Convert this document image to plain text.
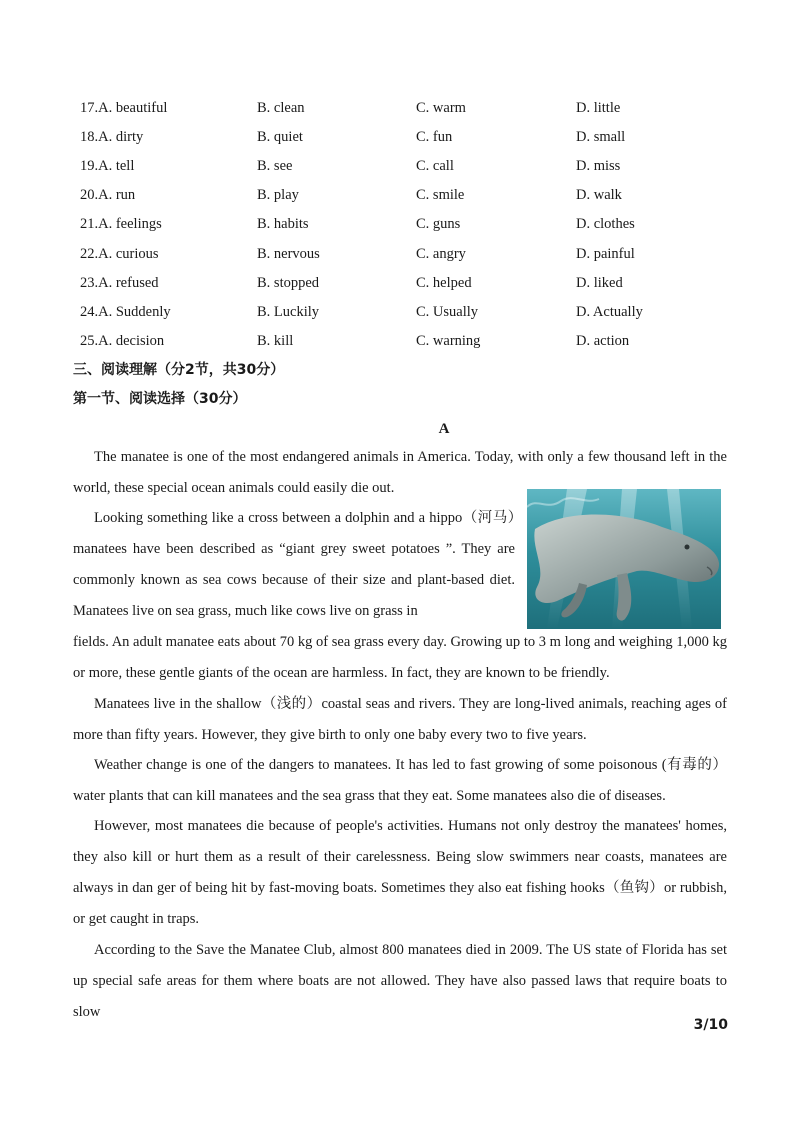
17.A. beautiful	B. clean	C. warm	D. little
18.A. dirty	B. quiet	C. fun	D. small
19.A. tell	B. see	C. call	D. miss
20.A. run	B. play	C. smile	D. walk
21.A. feelings	B. habits	C. guns	D. clothes
22.A. curious	B. nervous	C. angry	D. painful
23.A. refused	B. stopped	C. helped	D. liked
24.A. Suddenly	B. Luckily	C. Usually	D. Actually
25.A. decision	B. kill	C. warning	D. action
三、阅读理解（分2节，共30分）
第一节、阅读选择（30分）
A

The manatee is one of the most endangered animals in America. Today, with only a few thousand left in the world, these special ocean animals could easily die out.

Looking something like a cross between a dolphin and a hippo（河马）manatees have been described as “giant grey sweet potatoes ”. They are commonly known as sea cows because of their size and plant-based diet. Manatees live on sea grass, much like cows live on grass in

fields. An adult manatee eats about 70 kg of sea grass every day. Growing up to 3 m long and weighing 1,000 kg or more, these gentle giants of the ocean are harmless. In fact, they are known to be friendly.

Manatees live in the shallow（浅的）coastal seas and rivers. They are long-lived animals, reaching ages of more than fifty years. However, they give birth to only one baby every two to five years.

Weather change is one of the dangers to manatees. It has led to fast growing of some poisonous (有毒的）water plants that can kill manatees and the sea grass that they eat. Some manatees also die of diseases.

However, most manatees die because of people's activities. Humans not only destroy the manatees' homes, they also kill or hurt them as a result of their carelessness. Being slow swimmers near coasts, manatees are always in dan ger of being hit by fast-moving boats. Sometimes they also eat fishing hooks（鱼钩）or rubbish, or get caught in traps.

According to the Save the Manatee Club, almost 800 manatees died in 2009. The US state of Florida has set up special safe areas for them where boats are not allowed. They have also passed laws that require boats to slow

3/10
